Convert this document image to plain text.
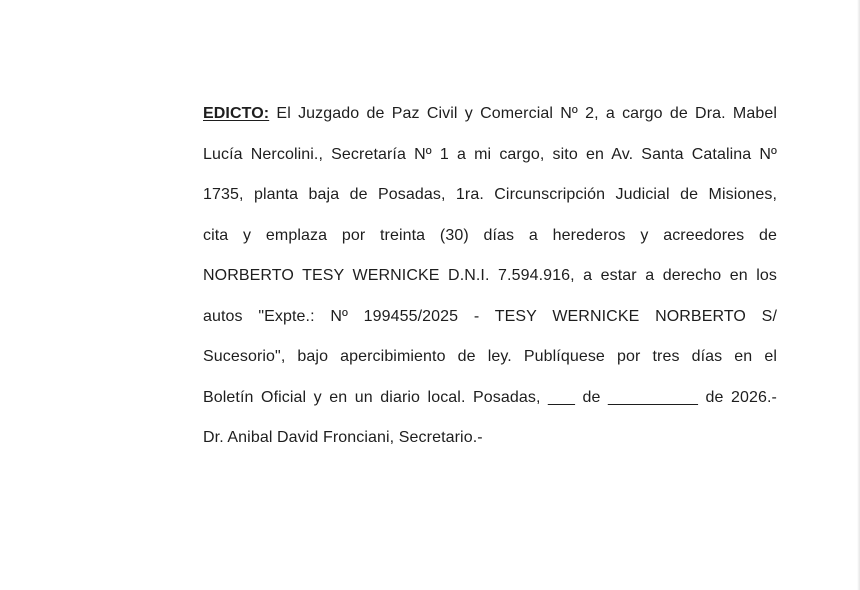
EDICTO: El Juzgado de Paz Civil y Comercial Nº 2, a cargo de Dra. Mabel
Lucía Nercolini., Secretaría Nº 1 a mi cargo, sito en Av. Santa Catalina Nº
1735, planta baja de Posadas, 1ra. Circunscripción Judicial de Misiones,
cita y emplaza por treinta (30) días a herederos y acreedores de
NORBERTO TESY WERNICKE D.N.I. 7.594.916, a estar a derecho en los
autos "Expte.: Nº 199455/2025 - TESY WERNICKE NORBERTO S/
Sucesorio", bajo apercibimiento de ley. Publíquese por tres días en el
Boletín Oficial y en un diario local. Posadas, ___ de __________ de 2026.-
Dr. Anibal David Fronciani, Secretario.-
